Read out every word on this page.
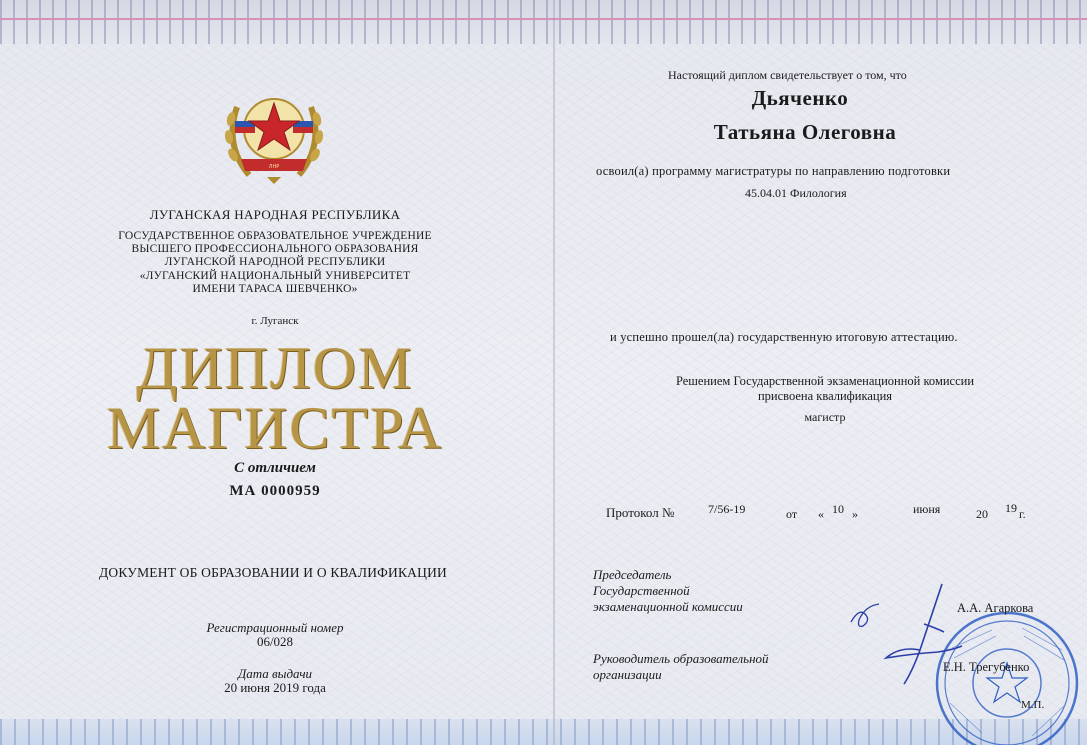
ЛНР
ЛУГАНСКАЯ НАРОДНАЯ РЕСПУБЛИКА
ГОСУДАРСТВЕННОЕ ОБРАЗОВАТЕЛЬНОЕ УЧРЕЖДЕНИЕ
ВЫСШЕГО ПРОФЕССИОНАЛЬНОГО ОБРАЗОВАНИЯ
ЛУГАНСКОЙ НАРОДНОЙ РЕСПУБЛИКИ
«ЛУГАНСКИЙ НАЦИОНАЛЬНЫЙ УНИВЕРСИТЕТ
ИМЕНИ ТАРАСА ШЕВЧЕНКО»
г. Луганск
ДИПЛОМ
МАГИСТРА
С отличием
МА 0000959
ДОКУМЕНТ ОБ ОБРАЗОВАНИИ И О КВАЛИФИКАЦИИ
Регистрационный номер
06/028
Дата выдачи
20 июня 2019 года
Настоящий диплом свидетельствует о том, что
Дьяченко
Татьяна Олеговна
освоил(а) программу магистратуры по направлению подготовки
45.04.01 Филология
и успешно прошел(ла) государственную итоговую аттестацию.
Решением Государственной экзаменационной комиссии
присвоена квалификация
магистр
Протокол №	7/56-19	от « 10 »	июня	20 19 г.
Председатель
Государственной
экзаменационной комиссии
Руководитель образовательной
организации
А.А. Агаркова
Е.Н. Трегубенко
М.П.
